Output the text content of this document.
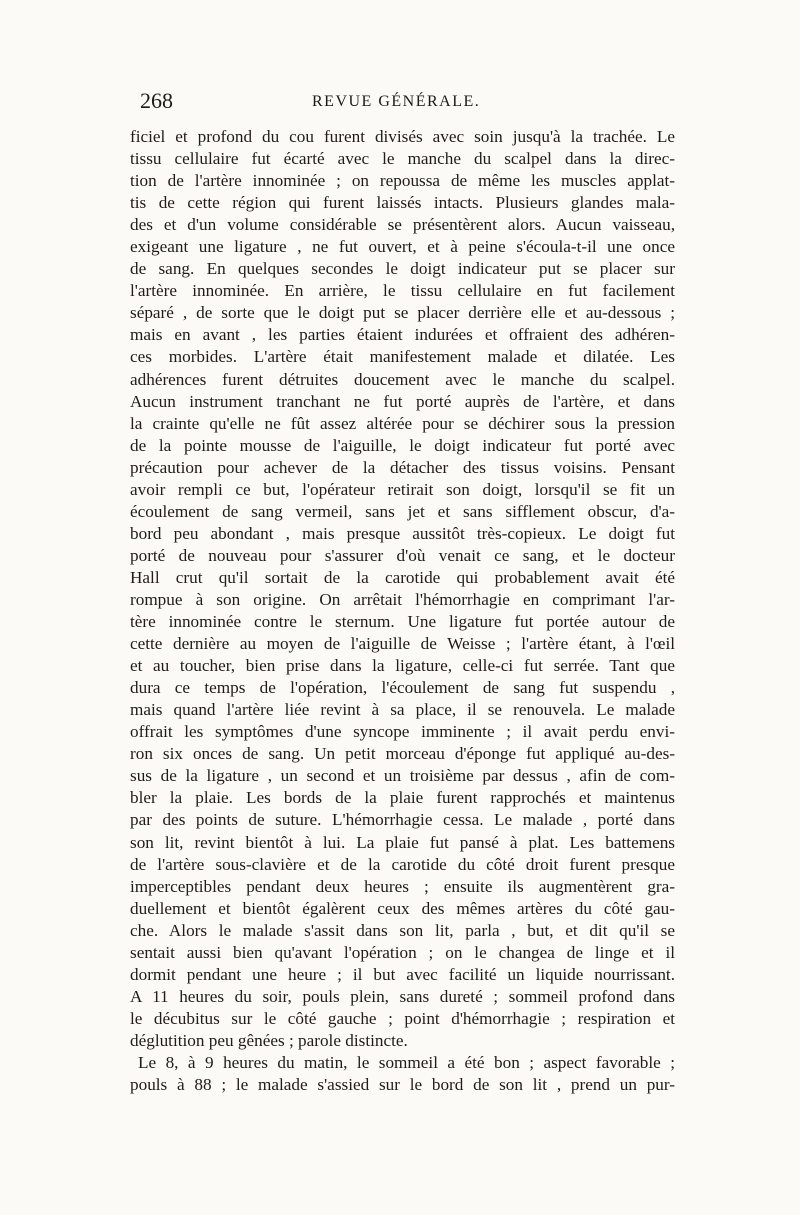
268	REVUE GÉNÉRALE.
ficiel et profond du cou furent divisés avec soin jusqu'à la trachée. Le
tissu cellulaire fut écarté avec le manche du scalpel dans la direc-
tion de l'artère innominée ; on repoussa de même les muscles applat-
tis de cette région qui furent laissés intacts. Plusieurs glandes mala-
des et d'un volume considérable se présentèrent alors. Aucun vaisseau,
exigeant une ligature , ne fut ouvert, et à peine s'écoula-t-il une once
de sang. En quelques secondes le doigt indicateur put se placer sur
l'artère innominée. En arrière, le tissu cellulaire en fut facilement
séparé , de sorte que le doigt put se placer derrière elle et au-dessous ;
mais en avant , les parties étaient indurées et offraient des adhéren-
ces morbides. L'artère était manifestement malade et dilatée. Les
adhérences furent détruites doucement avec le manche du scalpel.
Aucun instrument tranchant ne fut porté auprès de l'artère, et dans
la crainte qu'elle ne fût assez altérée pour se déchirer sous la pression
de la pointe mousse de l'aiguille, le doigt indicateur fut porté avec
précaution pour achever de la détacher des tissus voisins. Pensant
avoir rempli ce but, l'opérateur retirait son doigt, lorsqu'il se fit un
écoulement de sang vermeil, sans jet et sans sifflement obscur, d'a-
bord peu abondant , mais presque aussitôt très-copieux. Le doigt fut
porté de nouveau pour s'assurer d'où venait ce sang, et le docteur
Hall crut qu'il sortait de la carotide qui probablement avait été
rompue à son origine. On arrêtait l'hémorrhagie en comprimant l'ar-
tère innominée contre le sternum. Une ligature fut portée autour de
cette dernière au moyen de l'aiguille de Weisse ; l'artère étant, à l'œil
et au toucher, bien prise dans la ligature, celle-ci fut serrée. Tant que
dura ce temps de l'opération, l'écoulement de sang fut suspendu ,
mais quand l'artère liée revint à sa place, il se renouvela. Le malade
offrait les symptômes d'une syncope imminente ; il avait perdu envi-
ron six onces de sang. Un petit morceau d'éponge fut appliqué au-des-
sus de la ligature , un second et un troisième par dessus , afin de com-
bler la plaie. Les bords de la plaie furent rapprochés et maintenus
par des points de suture. L'hémorrhagie cessa. Le malade , porté dans
son lit, revint bientôt à lui. La plaie fut pansé à plat. Les battemens
de l'artère sous-clavière et de la carotide du côté droit furent presque
imperceptibles pendant deux heures ; ensuite ils augmentèrent gra-
duellement et bientôt égalèrent ceux des mêmes artères du côté gau-
che. Alors le malade s'assit dans son lit, parla , but, et dit qu'il se
sentait aussi bien qu'avant l'opération ; on le changea de linge et il
dormit pendant une heure ; il but avec facilité un liquide nourrissant.
A 11 heures du soir, pouls plein, sans dureté ; sommeil profond dans
le décubitus sur le côté gauche ; point d'hémorrhagie ; respiration et
déglutition peu gênées ; parole distincte.
Le 8, à 9 heures du matin, le sommeil a été bon ; aspect favorable ;
pouls à 88 ; le malade s'assied sur le bord de son lit , prend un pur-
